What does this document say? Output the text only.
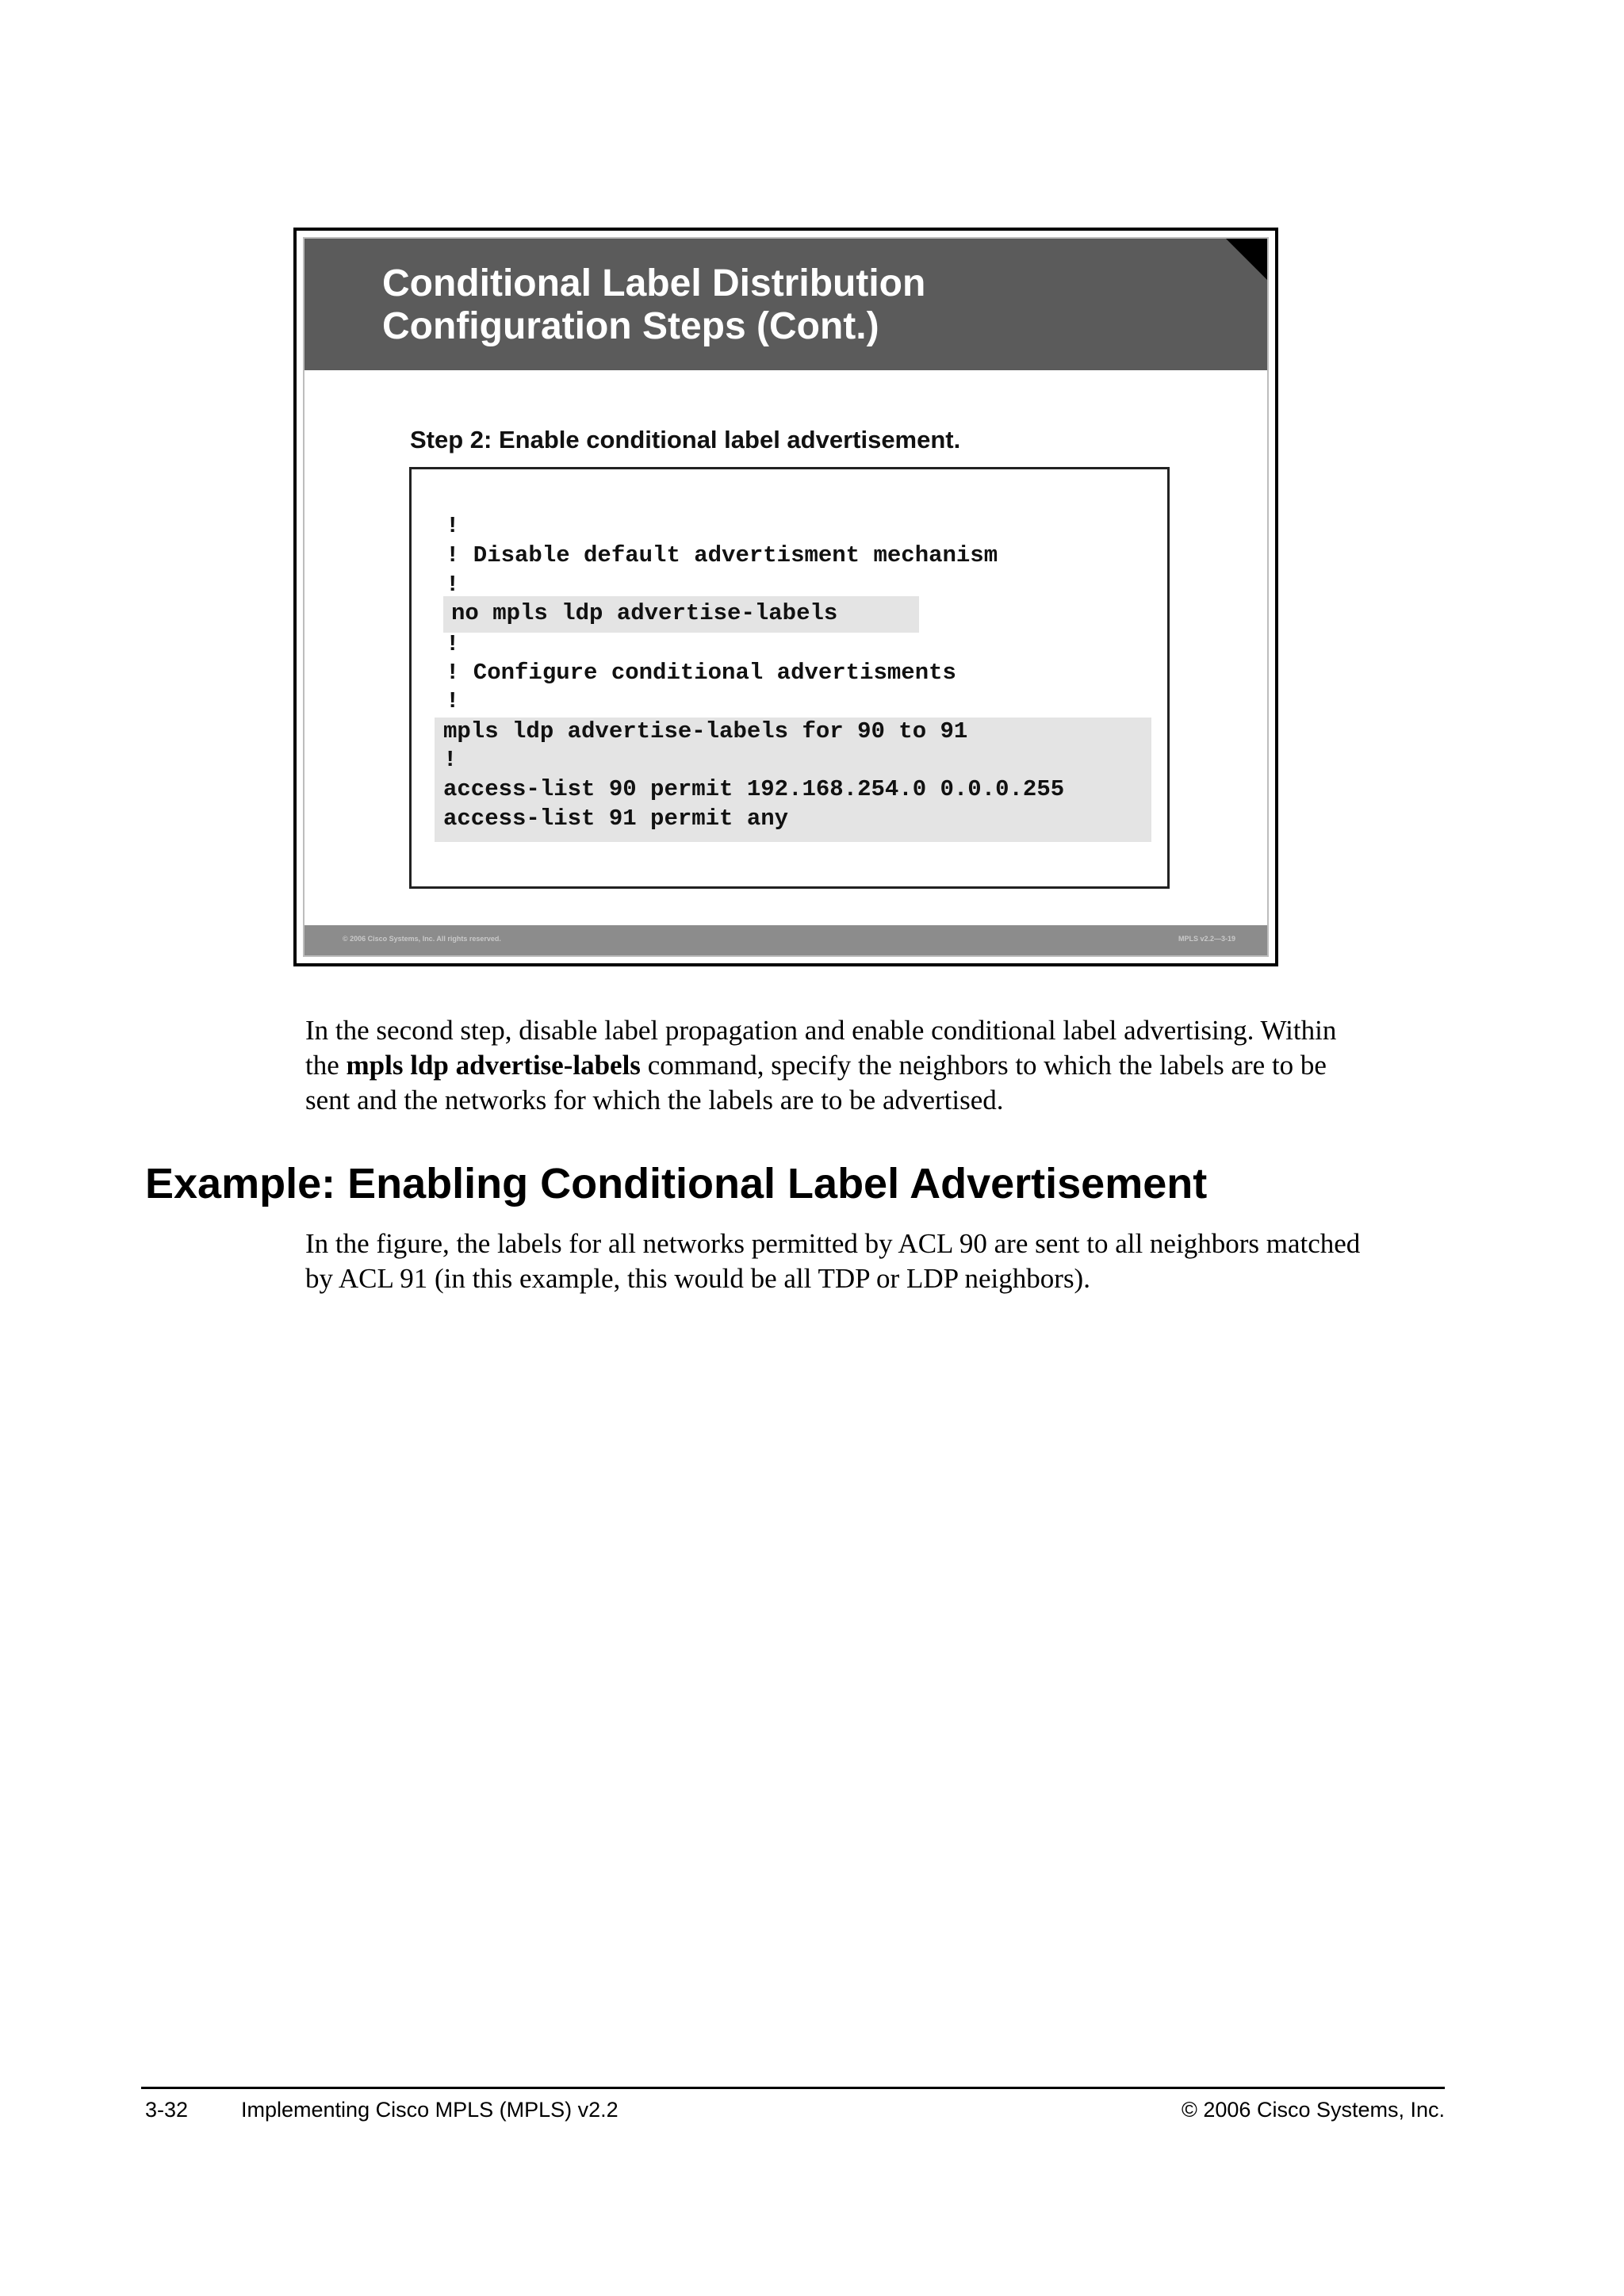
Conditional Label Distribution
Configuration Steps (Cont.)

Step 2: Enable conditional label advertisement.

!

! Disable default advertisment mechanism

!

no mpls ldp advertise-labels

!

! Configure conditional advertisments

!

mpls ldp advertise-labels for 90 to 91

!

access-list 90 permit 192.168.254.0 0.0.0.255

access-list 91 permit any

© 2006 Cisco Systems, Inc. All rights reserved.	MPLS v2.2—3-19
In the second step, disable label propagation and enable conditional label advertising. Within
the mpls ldp advertise-labels command, specify the neighbors to which the labels are to be
sent and the networks for which the labels are to be advertised.
Example: Enabling Conditional Label Advertisement
In the figure, the labels for all networks permitted by ACL 90 are sent to all neighbors matched
by ACL 91 (in this example, this would be all TDP or LDP neighbors).
3-32 Implementing Cisco MPLS (MPLS) v2.2	© 2006 Cisco Systems, Inc.
